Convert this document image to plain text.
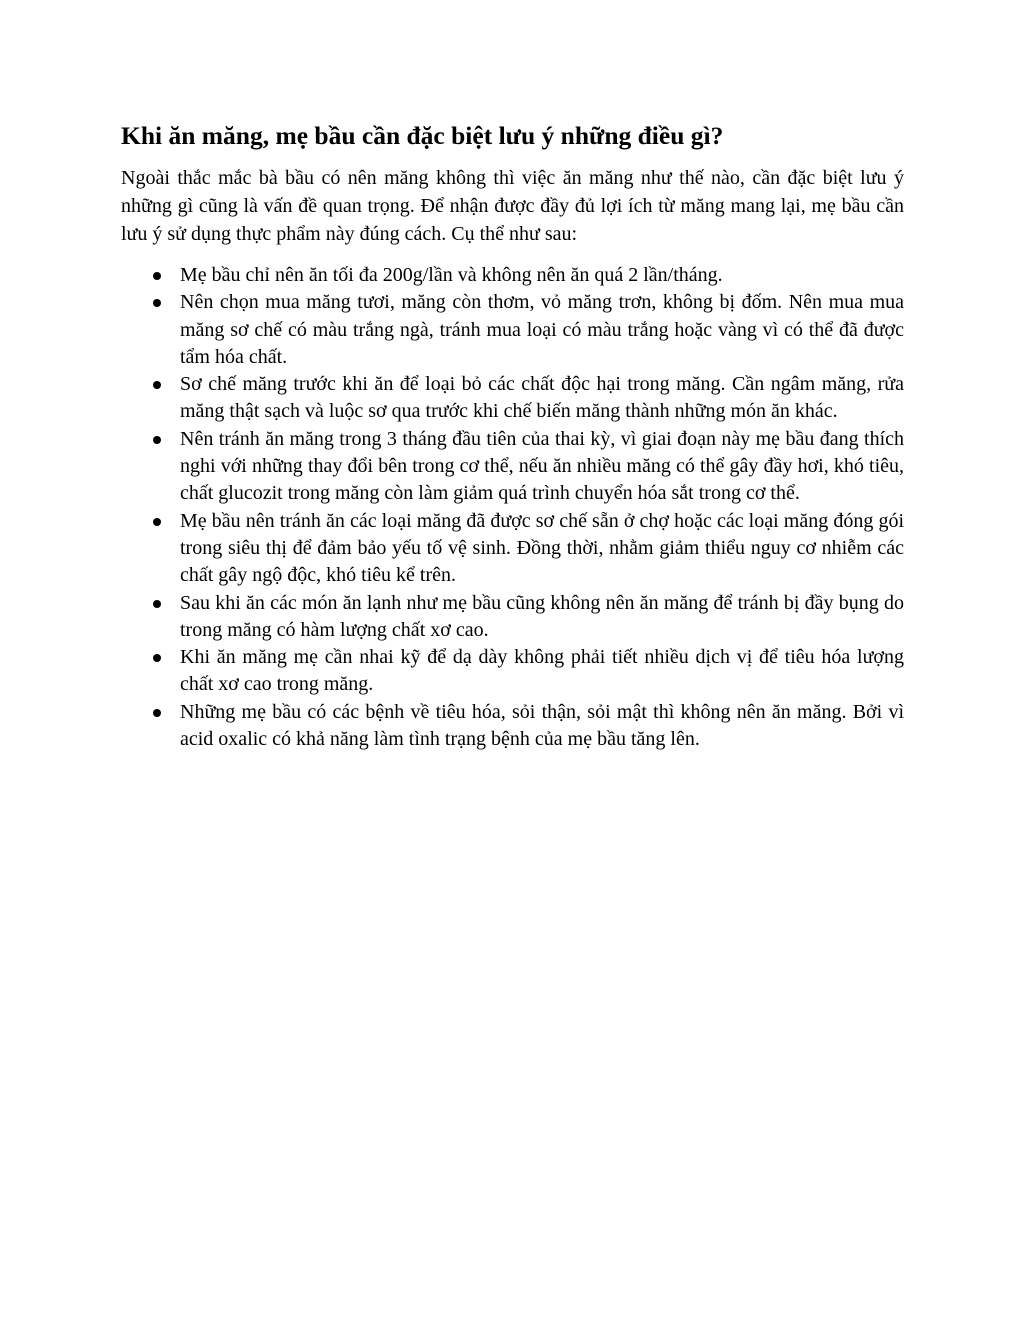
Khi ăn măng, mẹ bầu cần đặc biệt lưu ý những điều gì?

Ngoài thắc mắc bà bầu có nên măng không thì việc ăn măng như thế nào, cần đặc biệt lưu ý những gì cũng là vấn đề quan trọng. Để nhận được đầy đủ lợi ích từ măng mang lại, mẹ bầu cần lưu ý sử dụng thực phẩm này đúng cách. Cụ thể như sau:

Mẹ bầu chỉ nên ăn tối đa 200g/lần và không nên ăn quá 2 lần/tháng.
Nên chọn mua măng tươi, măng còn thơm, vỏ măng trơn, không bị đốm. Nên mua mua măng sơ chế có màu trắng ngà, tránh mua loại có màu trắng hoặc vàng vì có thể đã được tẩm hóa chất.
Sơ chế măng trước khi ăn để loại bỏ các chất độc hại trong măng. Cần ngâm măng, rửa măng thật sạch và luộc sơ qua trước khi chế biến măng thành những món ăn khác.
Nên tránh ăn măng trong 3 tháng đầu tiên của thai kỳ, vì giai đoạn này mẹ bầu đang thích nghi với những thay đổi bên trong cơ thể, nếu ăn nhiều măng có thể gây đầy hơi, khó tiêu, chất glucozit trong măng còn làm giảm quá trình chuyển hóa sắt trong cơ thể.
Mẹ bầu nên tránh ăn các loại măng đã được sơ chế sẵn ở chợ hoặc các loại măng đóng gói trong siêu thị để đảm bảo yếu tố vệ sinh. Đồng thời, nhằm giảm thiểu nguy cơ nhiễm các chất gây ngộ độc, khó tiêu kể trên.
Sau khi ăn các món ăn lạnh như mẹ bầu cũng không nên ăn măng để tránh bị đầy bụng do trong măng có hàm lượng chất xơ cao.
Khi ăn măng mẹ cần nhai kỹ để dạ dày không phải tiết nhiều dịch vị để tiêu hóa lượng chất xơ cao trong măng.
Những mẹ bầu có các bệnh về tiêu hóa, sỏi thận, sỏi mật thì không nên ăn măng. Bởi vì acid oxalic có khả năng làm tình trạng bệnh của mẹ bầu tăng lên.
